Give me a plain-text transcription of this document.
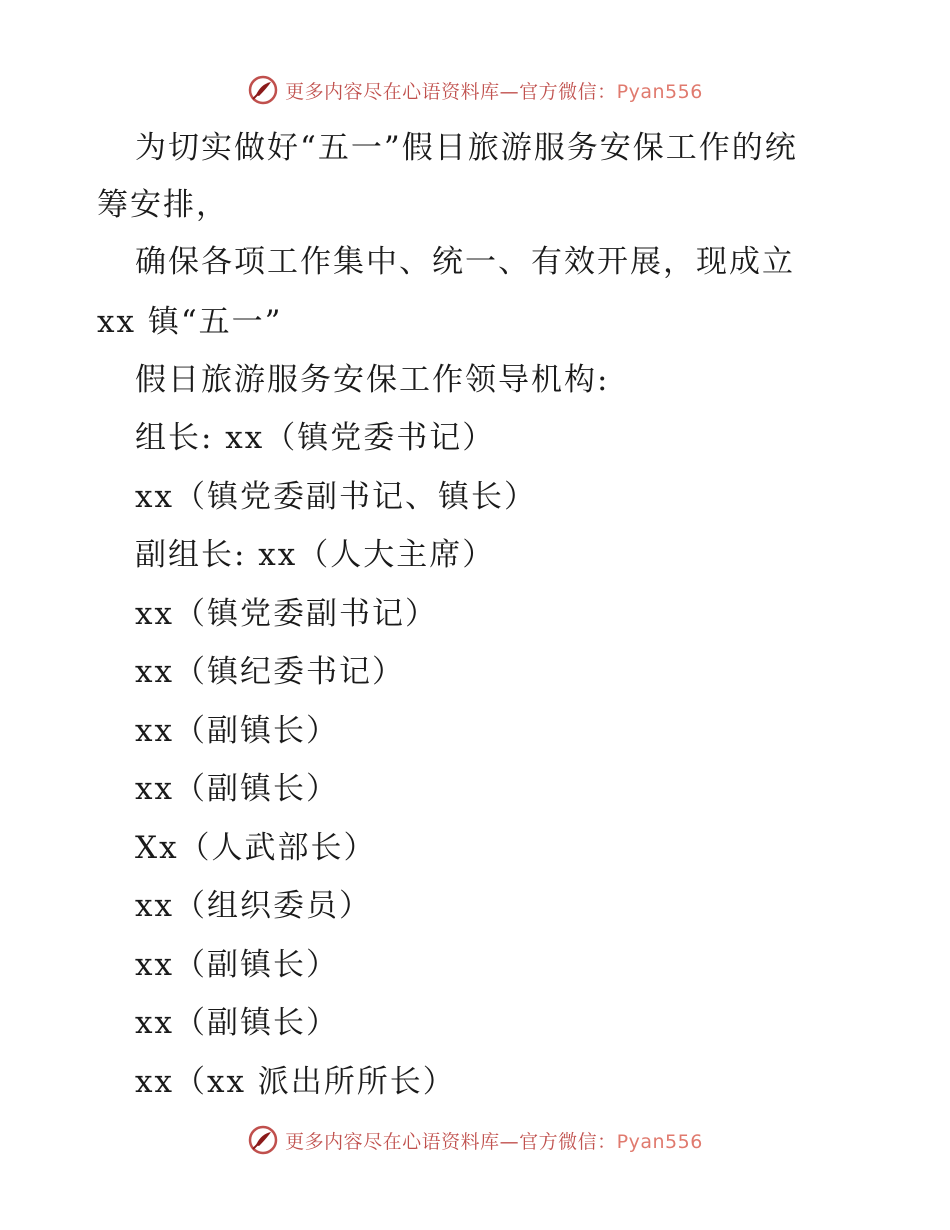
更多内容尽在心语资料库—官方微信：Pyan556
为切实做好“五一”假日旅游服务安保工作的统
筹安排，
确保各项工作集中、统一、有效开展，现成立
xx 镇“五一”
假日旅游服务安保工作领导机构:
组长: xx（镇党委书记）
xx（镇党委副书记、镇长）
副组长: xx（人大主席）
xx（镇党委副书记）
xx（镇纪委书记）
xx（副镇长）
xx（副镇长）
Xx（人武部长）
xx（组织委员）
xx（副镇长）
xx（副镇长）
xx（xx 派出所所长）
更多内容尽在心语资料库—官方微信：Pyan556
